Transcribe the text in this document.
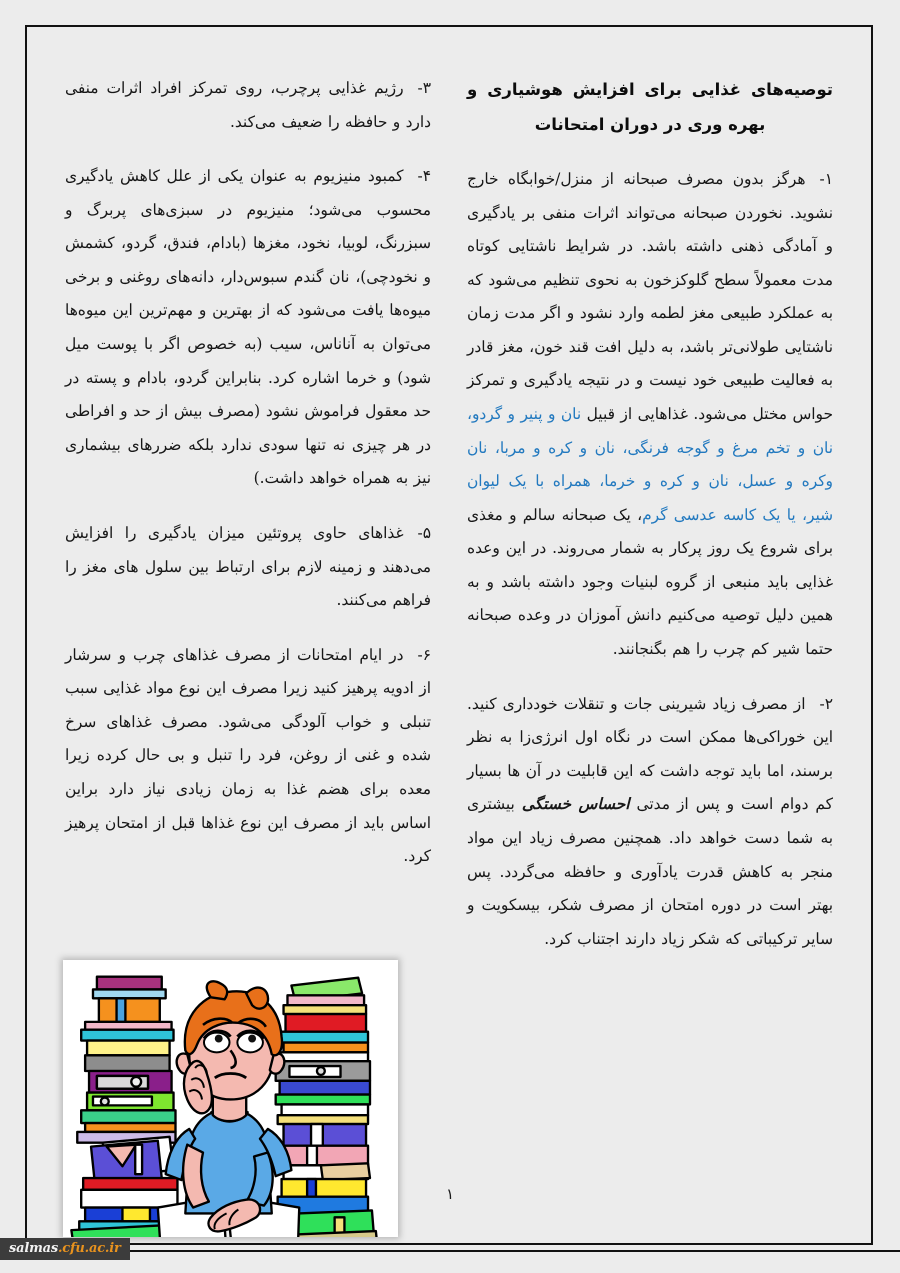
توصیه‌های غذایی برای افزایش هوشیاری و بهره وری در دوران امتحانات

۱-هرگز بدون مصرف صبحانه از منزل/خوابگاه خارج نشوید. نخوردن صبحانه می‌تواند اثرات منفی بر یادگیری و آمادگی ذهنی داشته باشد. در شرایط ناشتایی کوتاه مدت معمولاً سطح گلوکزخون به نحوی تنظیم می‌شود که به عملکرد طبیعی مغز لطمه وارد نشود و اگر مدت زمان ناشتایی طولانی‌تر باشد، به دلیل افت قند خون، مغز قادر به فعالیت طبیعی خود نیست و در نتیجه یادگیری و تمرکز حواس مختل می‌شود. غذاهایی از قبیل نان و پنیر و گردو، نان و تخم مرغ و گوجه فرنگی، نان و کره و مربا، نان وکره و عسل، نان و کره و خرما، همراه با یک لیوان شیر، یا یک کاسه عدسی گرم، یک صبحانه سالم و مغذی برای شروع یک روز پرکار به شمار می‌روند. در این وعده غذایی باید منبعی از گروه لبنیات وجود داشته باشد و به همین دلیل توصیه می‌کنیم دانش آموزان در وعده صبحانه حتما شیر کم چرب را هم بگنجانند.

۲-از مصرف زیاد شیرینی جات و تنقلات خودداری کنید. این خوراکی‌ها ممکن است در نگاه اول انرژی‌زا به نظر برسند، اما باید توجه داشت که این قابلیت در آن ها بسیار کم دوام است و پس از مدتی احساس خستگی بیشتری به شما دست خواهد داد. همچنین مصرف زیاد این مواد منجر به کاهش قدرت یادآوری و حافظه می‌گردد. پس بهتر است در دوره امتحان از مصرف شکر، بیسکویت و سایر ترکیباتی که شکر زیاد دارند اجتناب کرد.

۳-رژیم غذایی پرچرب، روی تمرکز افراد اثرات منفی دارد و حافظه را ضعیف می‌کند.

۴-کمبود منیزیوم به عنوان یکی از علل کاهش یادگیری محسوب می‌شود؛ منیزیوم در سبزی‌های پربرگ و سبزرنگ، لوبیا، نخود، مغزها (بادام، فندق، گردو، کشمش و نخودچی)، نان گندم سبوس‌دار، دانه‌های روغنی و برخی میوه‌ها یافت می‌شود که از بهترین و مهم‌ترین این میوه‌ها می‌توان به آناناس، سیب (به خصوص اگر با پوست میل شود) و خرما اشاره کرد. بنابراین گردو، بادام و پسته در حد معقول فراموش نشود (مصرف بیش از حد و افراطی در هر چیزی نه تنها سودی ندارد بلکه ضررهای بیشماری نیز به همراه خواهد داشت.)

۵-غذاهای حاوی پروتئین میزان یادگیری را افزایش می‌دهند و زمینه لازم برای ارتباط بین سلول های مغز را فراهم می‌کنند.

۶-در ایام امتحانات از مصرف غذاهای چرب و سرشار از ادویه پرهیز کنید زیرا مصرف این نوع مواد غذایی سبب تنبلی و خواب آلودگی می‌شود. مصرف غذاهای سرخ شده و غنی از روغن، فرد را تنبل و بی حال کرده زیرا معده برای هضم غذا به زمان زیادی نیاز دارد براین اساس باید از مصرف این نوع غذاها قبل از امتحان پرهیز کرد.

۱
salmas.cfu.ac.ir
